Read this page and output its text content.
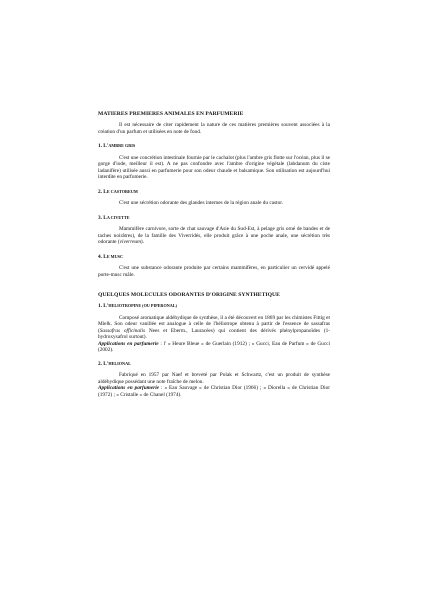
MATIERES PREMIERES ANIMALES EN PARFUMERIE

Il est nécessaire de citer rapidement la nature de ces matières premières souvent associées à la création d'un parfum et utilisées en note de fond.

1. L'AMBRE GRIS

C'est une concrétion intestinale fournie par le cachalot (plus l'ambre gris flotte sur l'océan, plus il se gorge d'iode, meilleur il est). A ne pas confondre avec l'ambre d'origine végétale (labdanum du ciste ladanifère) utilisée aussi en parfumerie pour son odeur chaude et balsamique. Son utilisation est aujourd'hui interdite en parfumerie.

2. LE CASTOREUM

C'est une sécrétion odorante des glandes internes de la région anale du castor.

3. LA CIVETTE

Mammifère carnivore, sorte de chat sauvage d'Asie du Sud-Est, à pelage gris orné de bandes et de taches noirâtres), de la famille des Viverridés, elle produit grâce à une poche anale, une sécrétion très odorante (viverreum).

4. LE MUSC

C'est une substance odorante produite par certains mammifères, en particulier un cervidé appelé porte-musc mâle.

QUELQUES MOLECULES ODORANTES D'ORIGINE SYNTHETIQUE
1. L'HELIOTROPINE (OU PIPERONAL)

Composé aromatique aldéhydique de synthèse, il a été découvert en 1869 par les chimistes Fittig et Mielk. Son odeur vanillée est analogue à celle de l'héliotrope obtenu à partir de l'essence de sassafras (Sassafras officinalis Nees et Eberm., Lauracées) qui contient des dérivés phénylpropanoïdes (1-hydroxysafrol surtout).

Applications en parfumerie : l' « Heure Bleue » de Guerlain (1912) ; « Gucci, Eau de Parfum » de Gucci (2002).

2. L'HELIONAL

Fabriqué en 1957 par Naef et breveté par Polak et Schwartz, c'est un produit de synthèse aldéhydique possédant une note fraîche de melon.

Applications en parfumerie : « Eau Sauvage » de Christian Dior (1966) ; « Diorella » de Christian Dior (1972) ; « Cristalle » de Chanel (1974).
